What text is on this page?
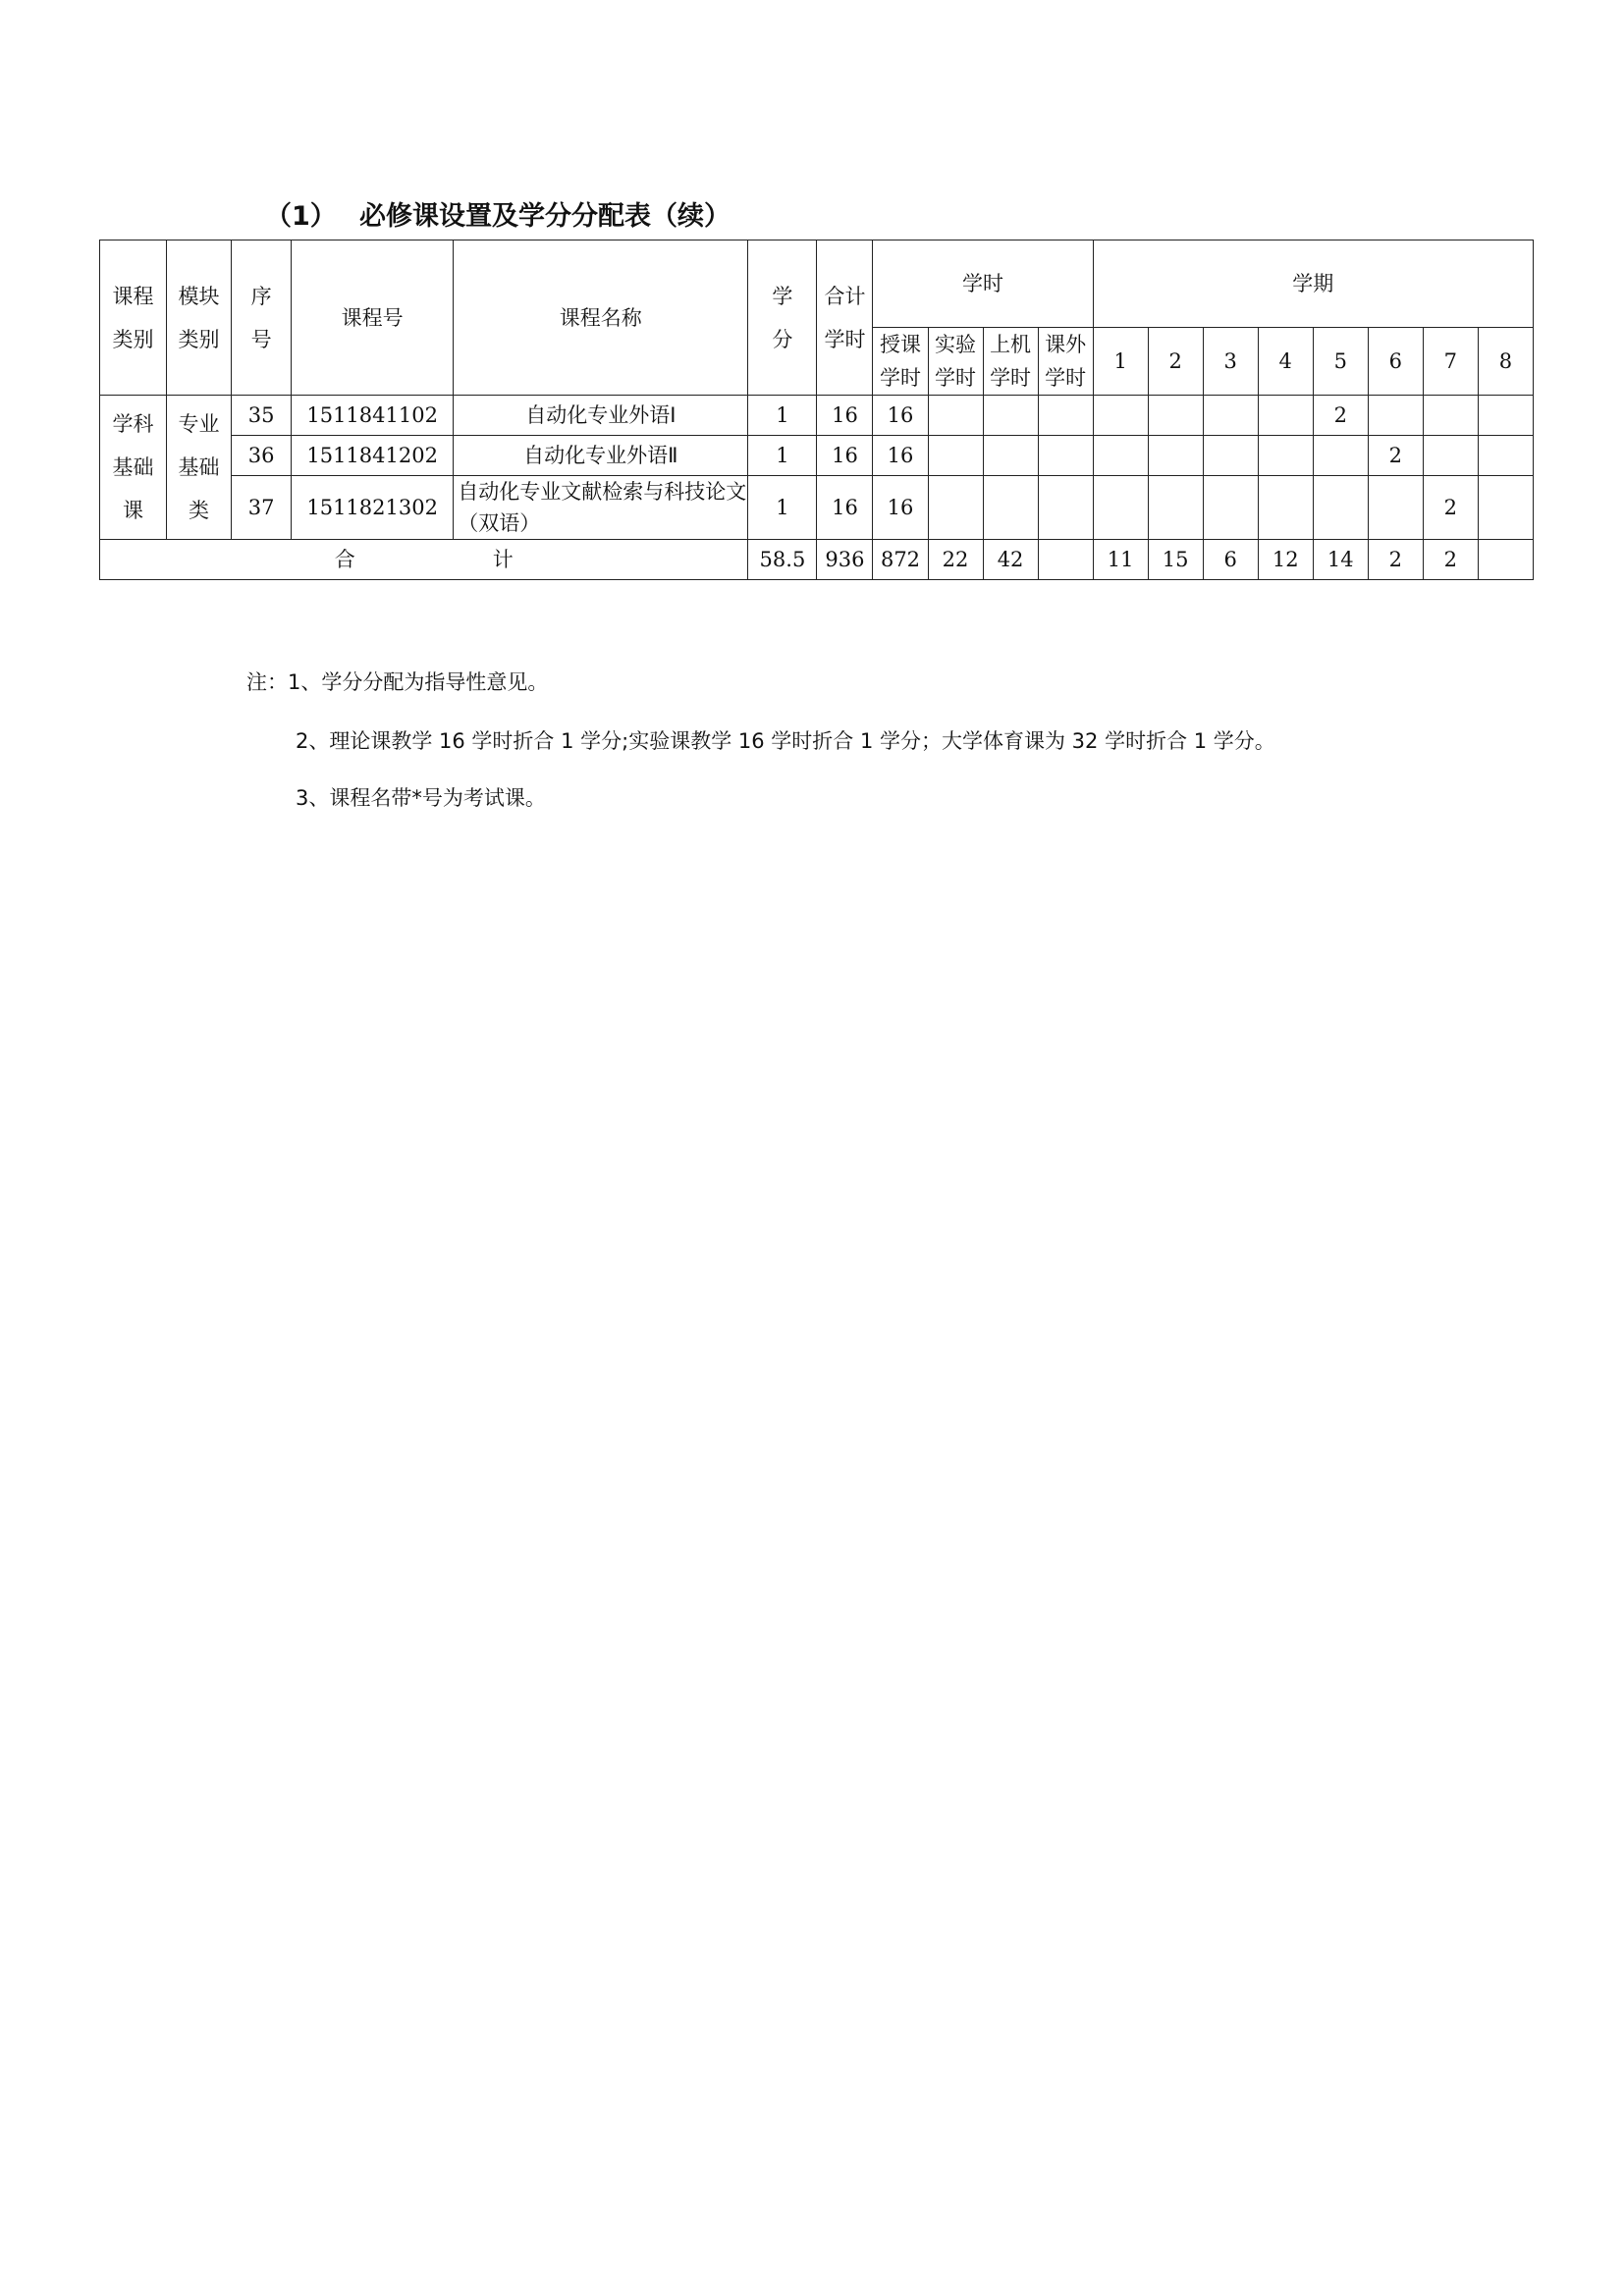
（1） 必修课设置及学分分配表（续）
课程类别	模块类别	序号	课程号	课程名称	学分	合计学时	学时				学期							

							授课学时	实验学时	上机学时	课外学时	1	2	3	4	5	6	7	8

学科基础课	专业基础类	35	1511841102	自动化专业外语Ⅰ	1	16	16								2			
		36	1511841202	自动化专业外语Ⅱ	1	16	16									2		
		37	1511821302	自动化专业文献检索与科技论文（双语）	1	16	16										2	
合 计					58.5	936	872	22	42		11	15	6	12	14	2	2	

注：1、学分分配为指导性意见。

2、理论课教学 16 学时折合 1 学分;实验课教学 16 学时折合 1 学分；大学体育课为 32 学时折合 1 学分。

3、课程名带*号为考试课。
